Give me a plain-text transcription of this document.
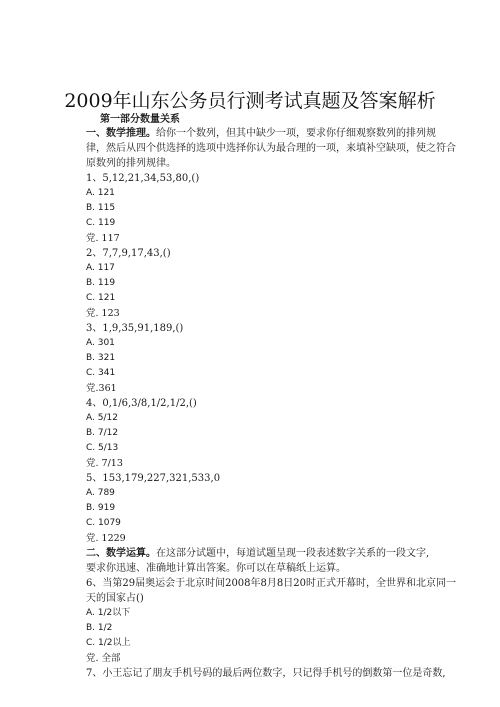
2009年山东公务员行测考试真题及答案解析
第一部分数量关系
一、数学推理。给你一个数列，但其中缺少一项，要求你仔细观察数列的排列规
律，然后从四个供选择的选项中选择你认为最合理的一项，来填补空缺项，使之符合
原数列的排列规律。
1、5,12,21,34,53,80,()
A. 121
B. 115
C. 119
党. 117
2、7,7,9,17,43,()
A. 117
B. 119
C. 121
党. 123
3、1,9,35,91,189,()
A. 301
B. 321
C. 341
党.361
4、0,1/6,3/8,1/2,1/2,()
A. 5/12
B. 7/12
C. 5/13
党. 7/13
5、153,179,227,321,533,0
A. 789
B. 919
C. 1079
党. 1229
二、数学运算。在这部分试题中，每道试题呈现一段表述数字关系的一段文字,
要求你迅速、准确地计算出答案。你可以在草稿纸上运算。
6、当第29届奥运会于北京时间2008年8月8日20时正式开幕时，全世界和北京同一
天的国家占()
A. 1/2以下
B. 1/2
C. 1/2以上
党. 全部
7、小王忘记了朋友手机号码的最后两位数字，只记得手机号的倒数第一位是奇数,
